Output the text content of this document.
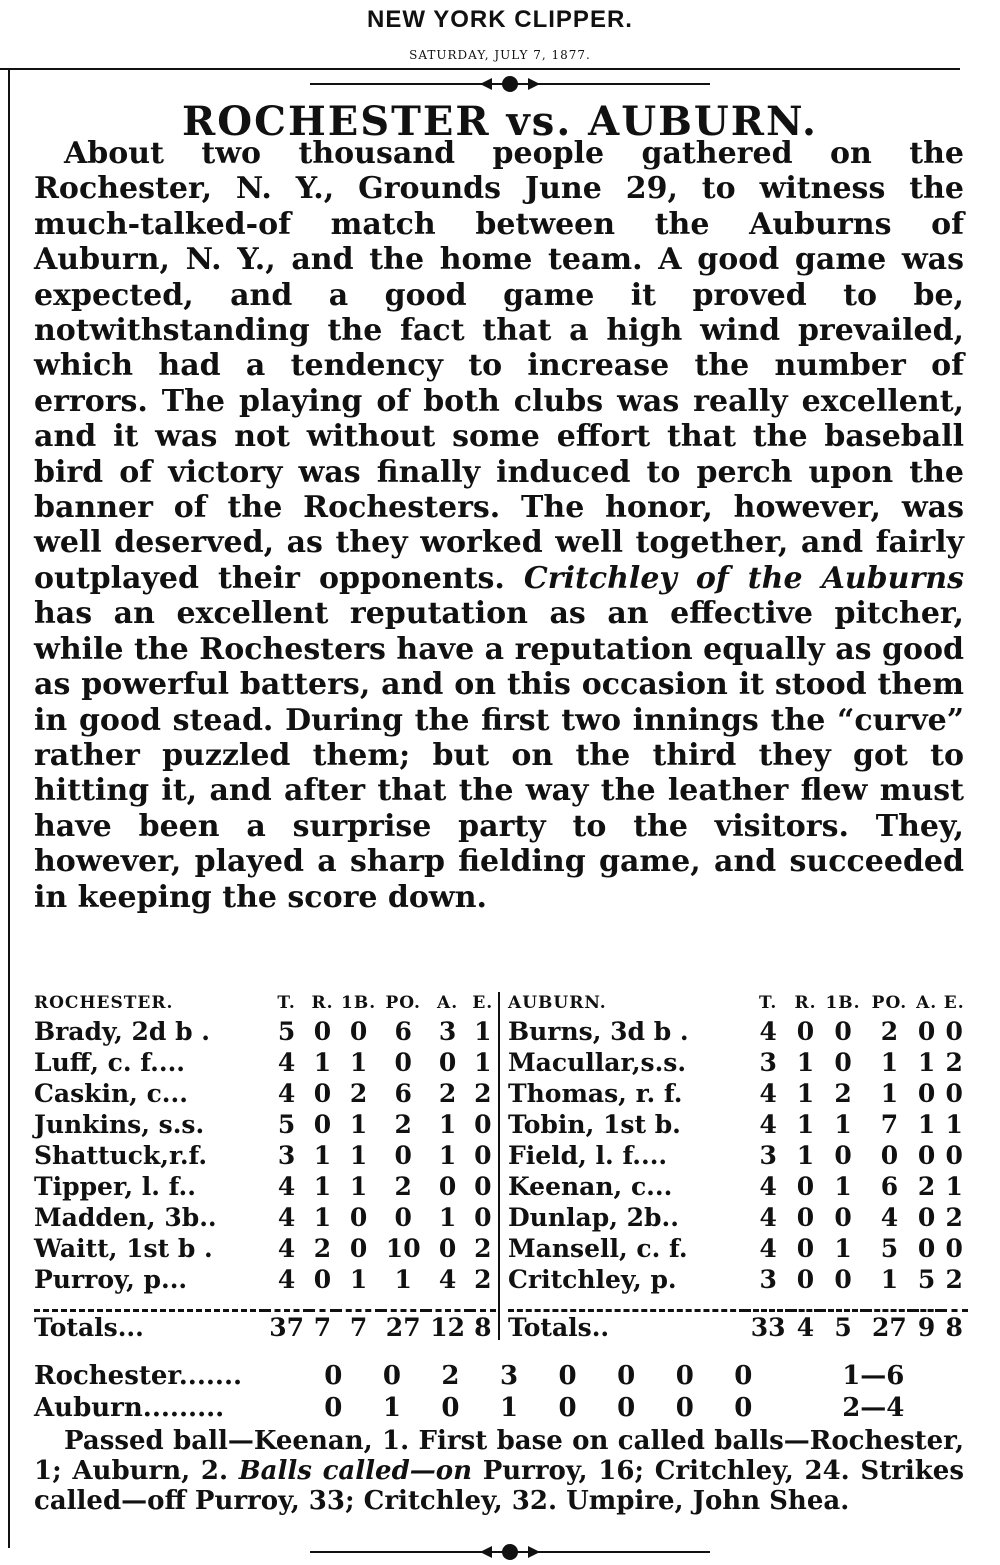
NEW YORK CLIPPER.
SATURDAY, JULY 7, 1877.
ROCHESTER vs. AUBURN.

About two thousand people gathered on the Rochester, N. Y., Grounds June 29, to witness the much-talked-of match between the Auburns of Auburn, N. Y., and the home team. A good game was expected, and a good game it proved to be, notwithstanding the fact that a high wind prevailed, which had a tendency to increase the number of errors. The playing of both clubs was really excellent, and it was not without some effort that the baseball bird of victory was finally induced to perch upon the banner of the Rochesters. The honor, however, was well deserved, as they worked well together, and fairly outplayed their opponents. Critchley of the Auburns has an excellent reputation as an effective pitcher, while the Rochesters have a reputation equally as good as powerful batters, and on this occasion it stood them in good stead. During the first two innings the “curve” rather puzzled them; but on the third they got to hitting it, and after that the way the leather flew must have been a surprise party to the visitors. They, however, played a sharp fielding game, and succeeded in keeping the score down.

ROCHESTER.	T.	R.	1B.	PO.	A.	E.
Brady, 2d b .	5	0	0	6	3	1
Luff, c. f....	4	1	1	0	0	1
Caskin, c...	4	0	2	6	2	2
Junkins, s.s.	5	0	1	2	1	0
Shattuck,r.f.	3	1	1	0	1	0
Tipper, l. f..	4	1	1	2	0	0
Madden, 3b..	4	1	0	0	1	0
Waitt, 1st b .	4	2	0	10	0	2
Purroy, p...	4	0	1	1	4	2

Totals...	37	7	7	27	12	8
AUBURN.	T.	R.	1B.	PO.	A.	E.
Burns, 3d b .	4	0	0	2	0	0
Macullar,s.s.	3	1	0	1	1	2
Thomas, r. f.	4	1	2	1	0	0
Tobin, 1st b.	4	1	1	7	1	1
Field, l. f....	3	1	0	0	0	0
Keenan, c...	4	0	1	6	2	1
Dunlap, 2b..	4	0	0	4	0	2
Mansell, c. f.	4	0	1	5	0	0
Critchley, p.	3	0	0	1	5	2

Totals..	33	4	5	27	9	8
Rochester.......	0	0	2	3	0	0	0	0	1—6
Auburn.........	0	1	0	1	0	0	0	0	2—4

Passed ball—Keenan, 1. First base on called balls—Rochester, 1; Auburn, 2. Balls called—on Purroy, 16; Critchley, 24. Strikes called—off Purroy, 33; Critchley, 32. Umpire, John Shea.
